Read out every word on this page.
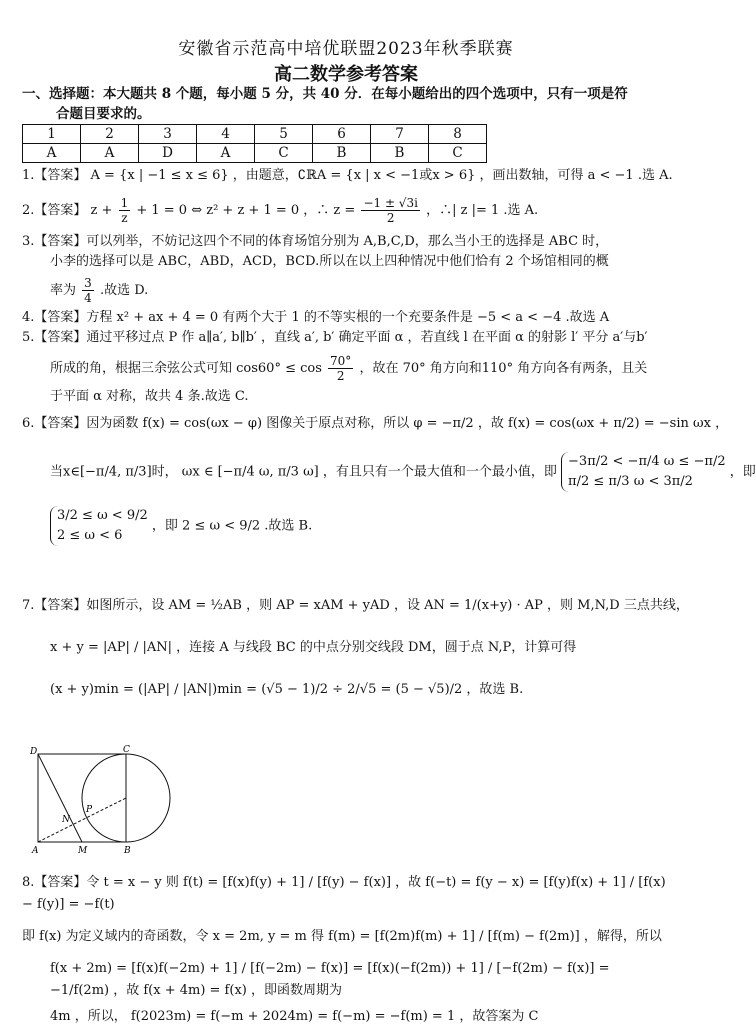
安徽省示范高中培优联盟2023年秋季联赛
高二数学参考答案
一、选择题：本大题共 8 个题，每小题 5 分，共 40 分．在每小题给出的四个选项中，只有一项是符
合题目要求的。
1	2	3	4	5	6	7	8
A	A	D	A	C	B	B	C
1.【答案】 A = {x | −1 ≤ x ≤ 6} ，由题意，∁ℝA = {x | x < −1或x > 6} ，画出数轴，可得 a < −1 .选 A.
2.【答案】 $z + \frac{1}{z} + 1 = 0$ ⇔ z² + z + 1 = 0 ，∴ $z = \frac{-1 \pm √3i}{2}$ ，∴| z |= 1 .选 A.
3.【答案】可以列举，不妨记这四个不同的体育场馆分别为 A,B,C,D，那么当小王的选择是 ABC 时，
小李的选择可以是 ABC，ABD，ACD，BCD.所以在以上四种情况中他们恰有 2 个场馆相同的概
率为 $\frac{3}{4}$ .故选 D.
4.【答案】方程 x² + ax + 4 = 0 有两个大于 1 的不等实根的一个充要条件是 −5 < a < −4 .故选 A
5.【答案】通过平移过点 P 作 a∥a′, b∥b′ ，直线 a′, b′ 确定平面 α ，若直线 l 在平面 α 的射影 l′ 平分 a′与b′
所成的角，根据三余弦公式可知 $\cos 60^\circ \le \cos \frac{70^\circ}{2}$ ，故在 70° 角方向和110° 角方向各有两条，且关
于平面 α 对称，故共 4 条.故选 C.
6.【答案】因为函数 f(x) = cos(ωx − φ) 图像关于原点对称，所以 φ = −π/2 ，故 f(x) = cos(ωx + π/2) = −sin ωx ，
当x∈[−π/4, π/3]时， ωx ∈ [−π/4 ω, π/3 ω] ，有且只有一个最大值和一个最小值，即
−3π/2 < −π/4 ω ≤ −π/2
π/2 ≤ π/3 ω < 3π/2
，即
3/2 ≤ ω < 9/2
2 ≤ ω < 6
，即 2 ≤ ω < 9/2 .故选 B.
7.【答案】如图所示，设 AM = ½AB ，则 AP = xAM + yAD ，设 AN = 1/(x+y) · AP ，则 M,N,D 三点共线，
x + y = |AP| / |AN| ，连接 A 与线段 BC 的中点分别交线段 DM，圆于点 N,P，计算可得
(x + y)min = (|AP| / |AN|)min = (√5 − 1)/2 ÷ 2/√5 = (5 − √5)/2 ，故选 B.
D	C
A	M	B
N
P
8.【答案】令 t = x − y 则 f(t) = [f(x)f(y) + 1] / [f(y) − f(x)] ，故 f(−t) = f(y − x) = [f(y)f(x) + 1] / [f(x) − f(y)] = −f(t)
即 f(x) 为定义域内的奇函数，令 x = 2m, y = m 得 f(m) = [f(2m)f(m) + 1] / [f(m) − f(2m)] ，解得，所以
f(x + 2m) = [f(x)f(−2m) + 1] / [f(−2m) − f(x)] = [f(x)(−f(2m)) + 1] / [−f(2m) − f(x)] = −1/f(2m) ，故 f(x + 4m) = f(x) ，即函数周期为
4m ，所以， f(2023m) = f(−m + 2024m) = f(−m) = −f(m) = 1 ，故答案为 C
